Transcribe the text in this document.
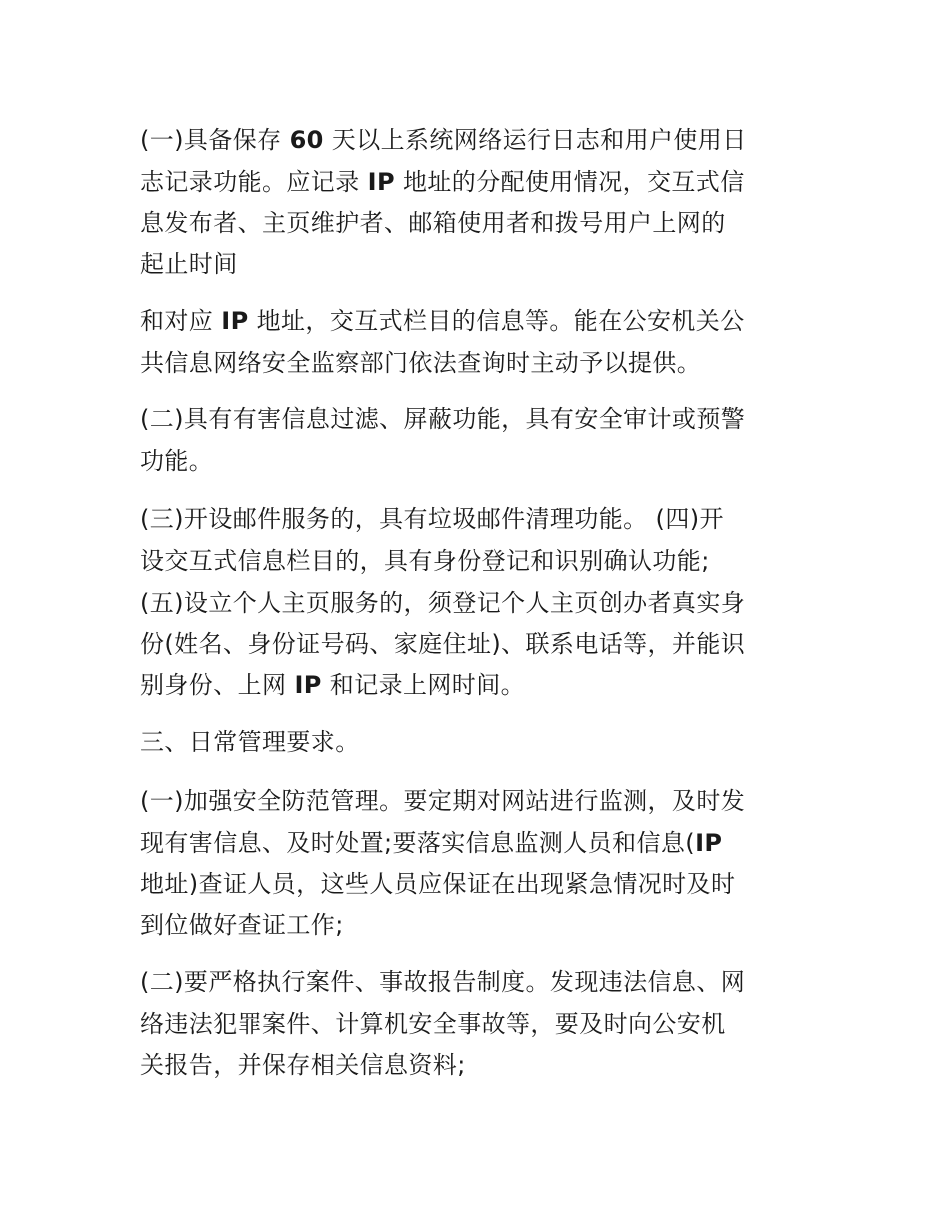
(一)具备保存 60 天以上系统网络运行日志和用户使用日
志记录功能。应记录 IP 地址的分配使用情况，交互式信
息发布者、主页维护者、邮箱使用者和拨号用户上网的
起止时间
和对应 IP 地址，交互式栏目的信息等。能在公安机关公
共信息网络安全监察部门依法查询时主动予以提供。
(二)具有有害信息过滤、屏蔽功能，具有安全审计或预警
功能。
(三)开设邮件服务的，具有垃圾邮件清理功能。 (四)开
设交互式信息栏目的，具有身份登记和识别确认功能;
(五)设立个人主页服务的，须登记个人主页创办者真实身
份(姓名、身份证号码、家庭住址)、联系电话等，并能识
别身份、上网 IP 和记录上网时间。
三、日常管理要求。
(一)加强安全防范管理。要定期对网站进行监测，及时发
现有害信息、及时处置;要落实信息监测人员和信息(IP
地址)查证人员，这些人员应保证在出现紧急情况时及时
到位做好查证工作;
(二)要严格执行案件、事故报告制度。发现违法信息、网
络违法犯罪案件、计算机安全事故等，要及时向公安机
关报告，并保存相关信息资料;
